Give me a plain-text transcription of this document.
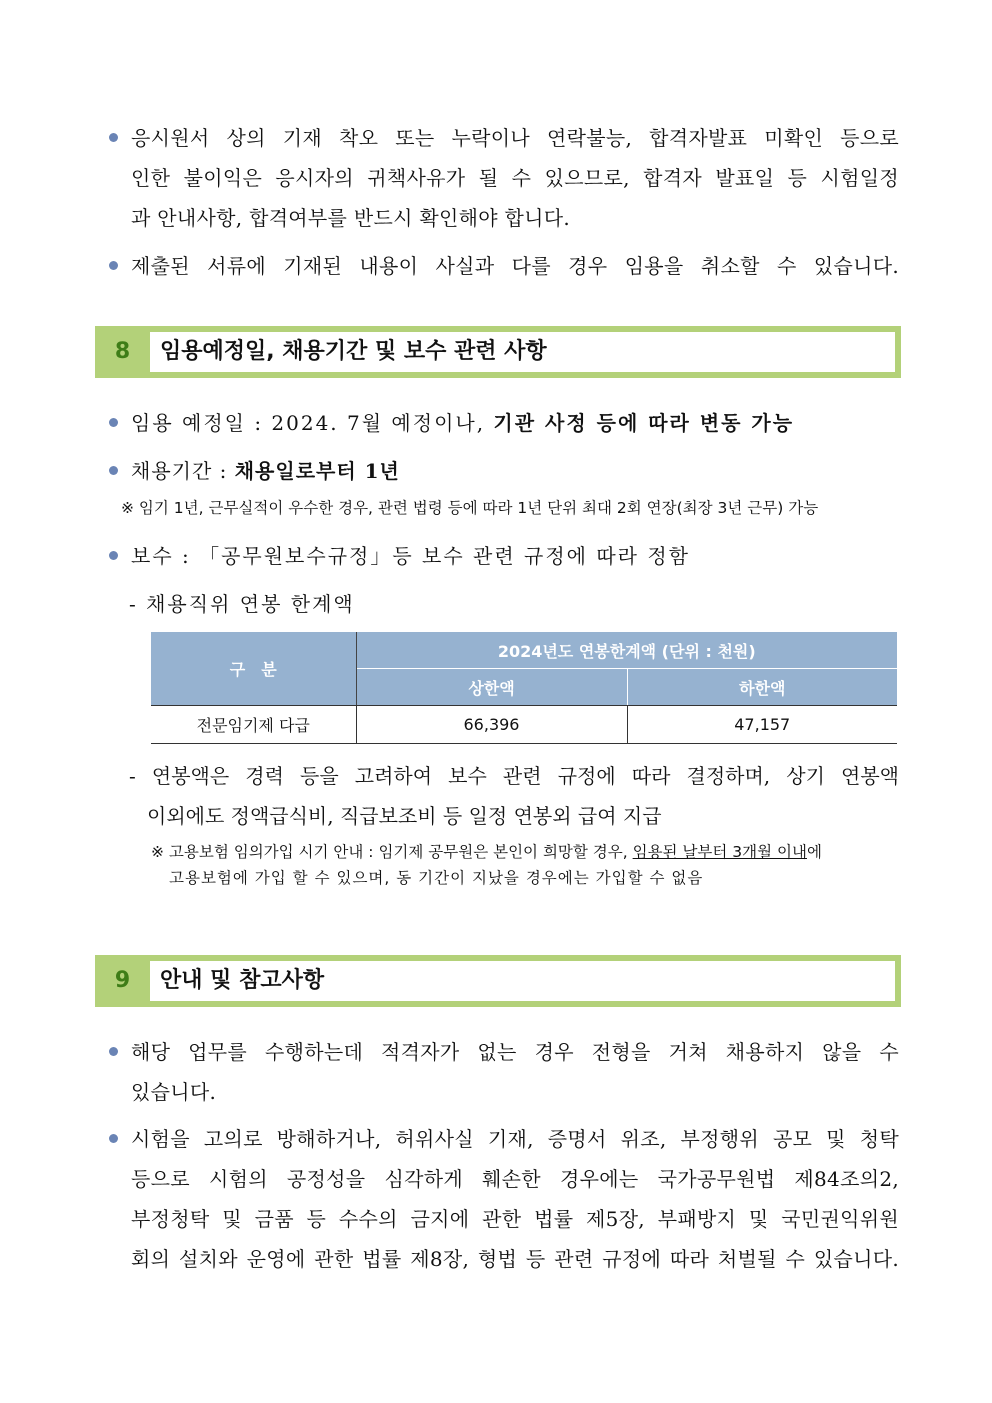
응시원서 상의 기재 착오 또는 누락이나 연락불능, 합격자발표 미확인 등으로

인한 불이익은 응시자의 귀책사유가 될 수 있으므로, 합격자 발표일 등 시험일정

과 안내사항, 합격여부를 반드시 확인해야 합니다.

제출된 서류에 기재된 내용이 사실과 다를 경우 임용을 취소할 수 있습니다.

8	임용예정일, 채용기간 및 보수 관련 사항

임용 예정일 : 2024. 7월 예정이나, 기관 사정 등에 따라 변동 가능

채용기간 : 채용일로부터 1년

※ 임기 1년, 근무실적이 우수한 경우, 관련 법령 등에 따라 1년 단위 최대 2회 연장(최장 3년 근무) 가능

보수 : 「공무원보수규정」등 보수 관련 규정에 따라 정함

- 채용직위 연봉 한계액

구　분	2024년도 연봉한계액 (단위 : 천원)	
	상한액	하한액
전문임기제 다급	66,396	47,157

- 연봉액은 경력 등을 고려하여 보수 관련 규정에 따라 결정하며, 상기 연봉액

이외에도 정액급식비, 직급보조비 등 일정 연봉외 급여 지급

※ 고용보험 임의가입 시기 안내 : 임기제 공무원은 본인이 희망할 경우, 임용된 날부터 3개월 이내에
고용보험에 가입 할 수 있으며, 동 기간이 지났을 경우에는 가입할 수 없음
9	안내 및 참고사항

해당 업무를 수행하는데 적격자가 없는 경우 전형을 거쳐 채용하지 않을 수

있습니다.

시험을 고의로 방해하거나, 허위사실 기재, 증명서 위조, 부정행위 공모 및 청탁

등으로 시험의 공정성을 심각하게 훼손한 경우에는 국가공무원법 제84조의2,

부정청탁 및 금품 등 수수의 금지에 관한 법률 제5장, 부패방지 및 국민권익위원

회의 설치와 운영에 관한 법률 제8장, 형법 등 관련 규정에 따라 처벌될 수 있습니다.
